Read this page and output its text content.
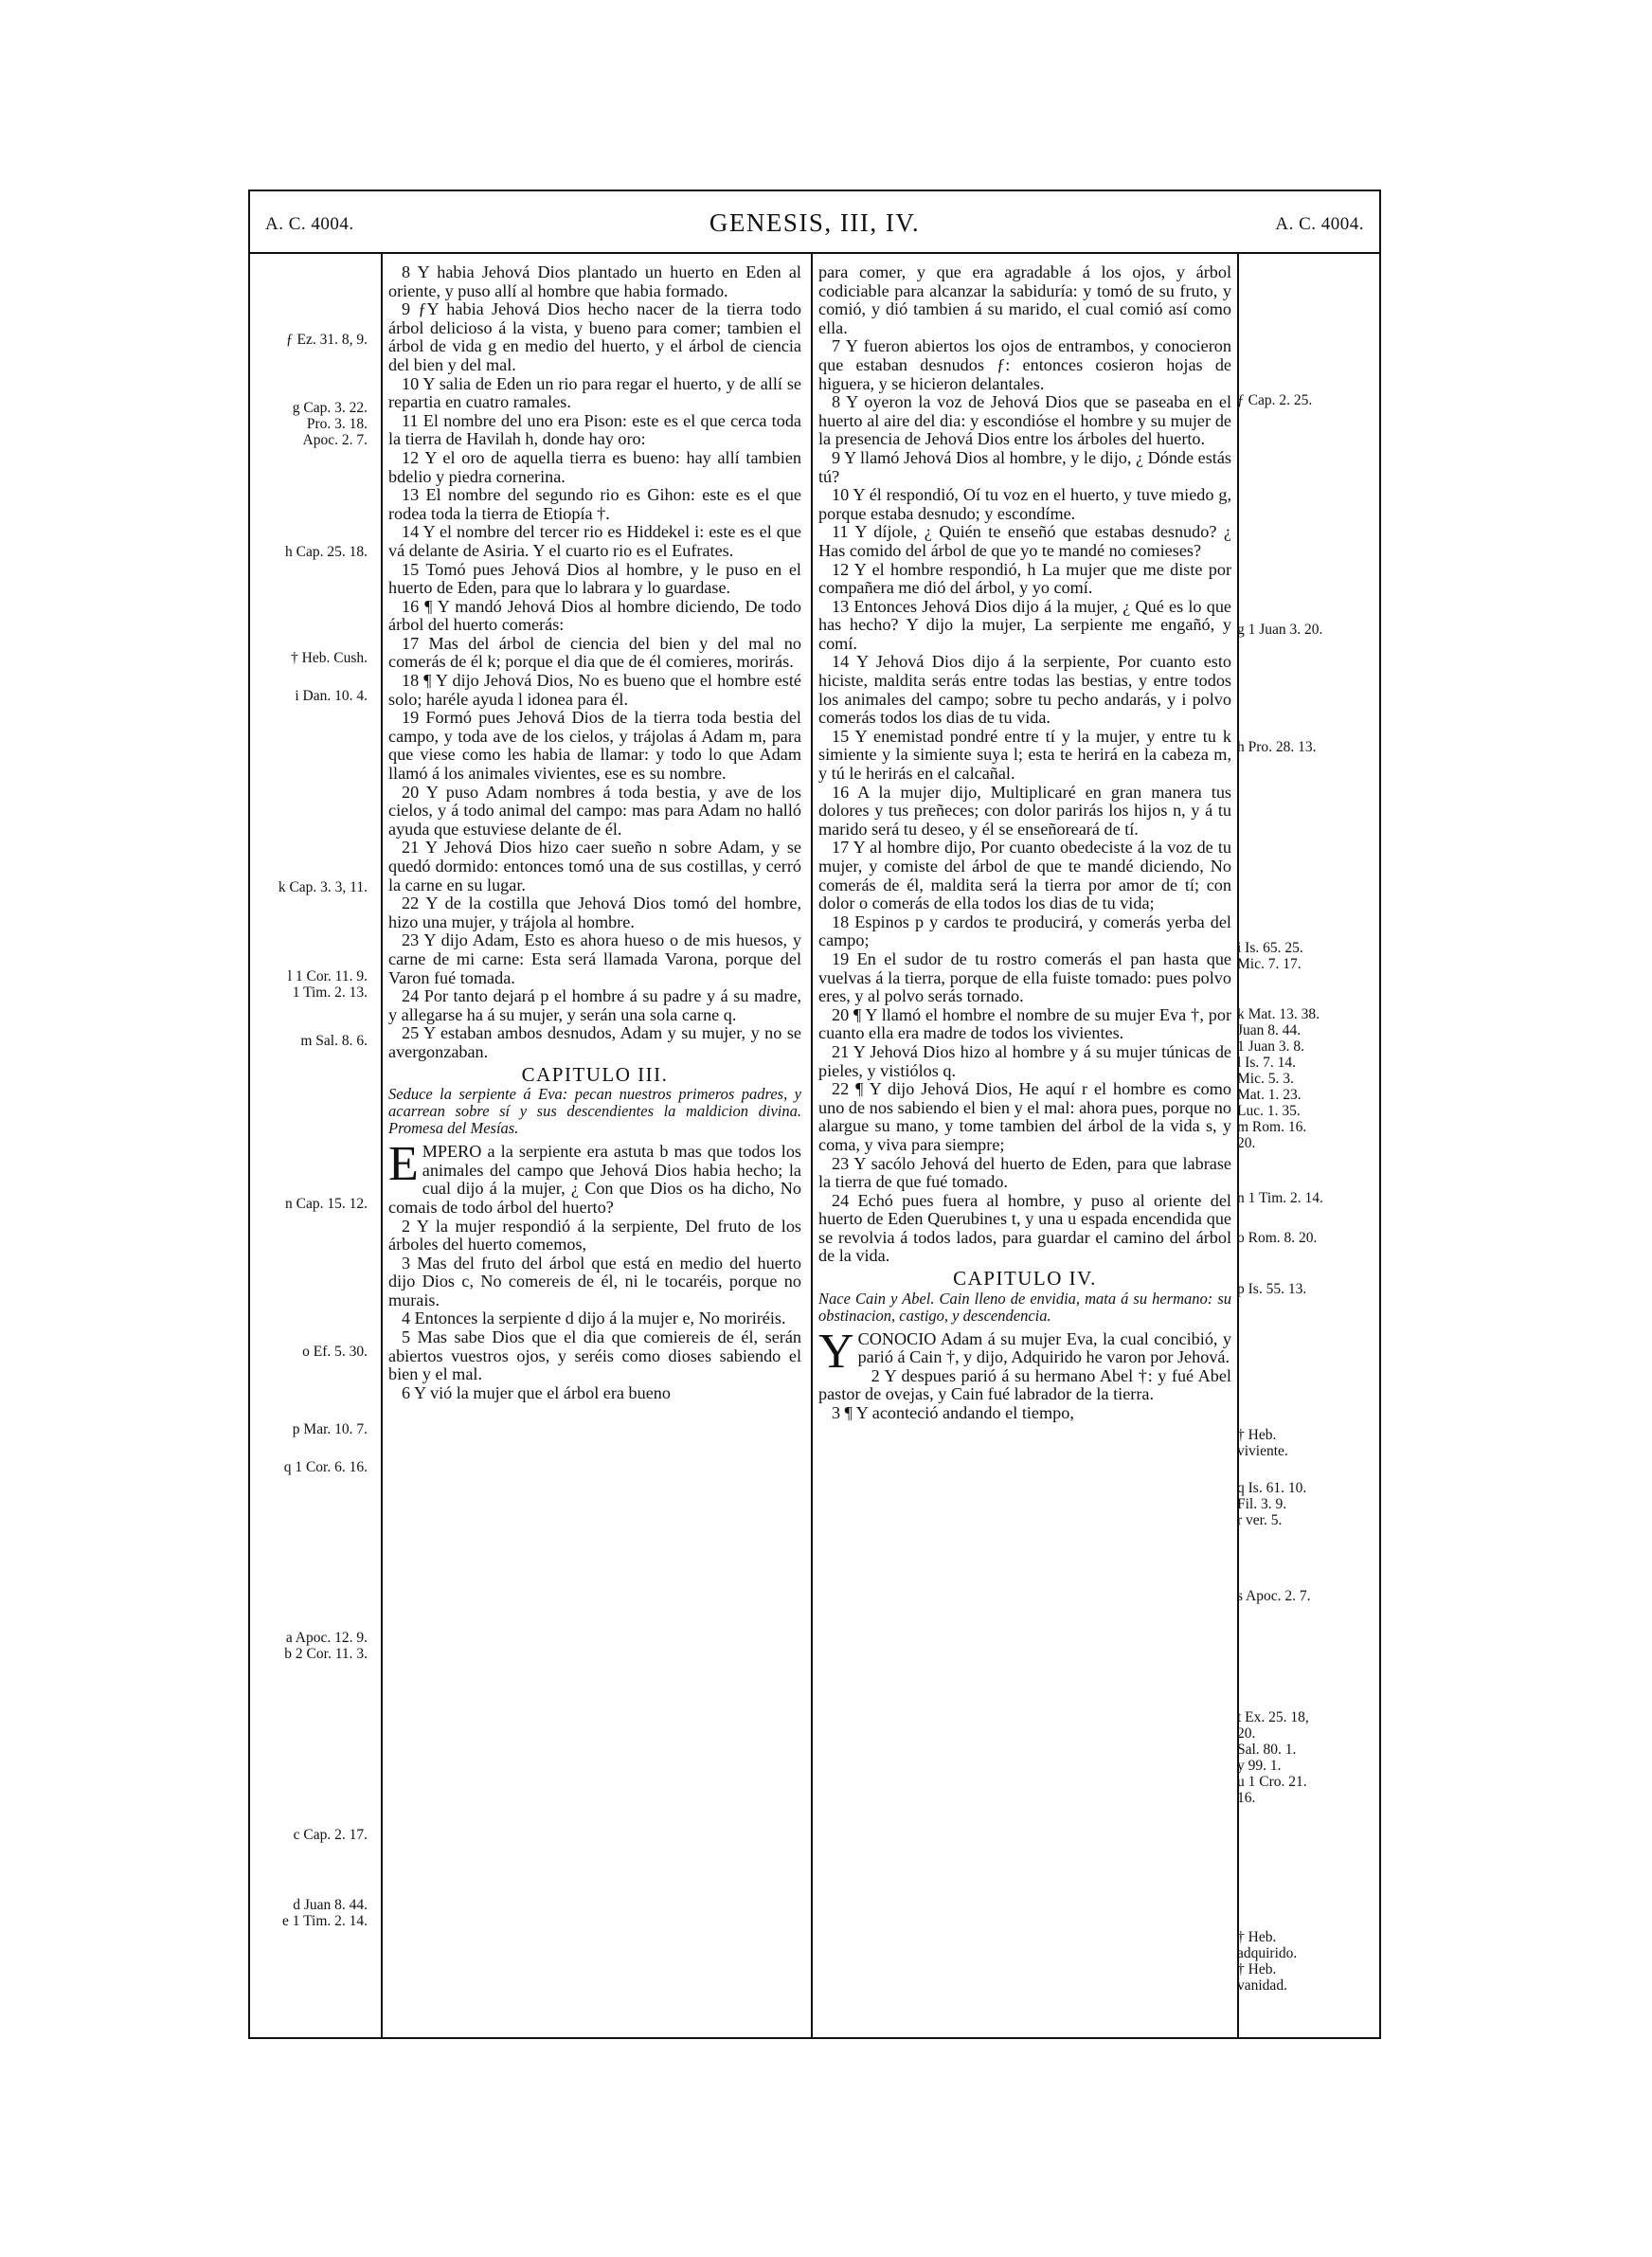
A. C. 4004.	GENESIS, III, IV.	A. C. 4004.
ƒ Ez. 31. 8, 9.
g Cap. 3. 22.
Pro. 3. 18.
Apoc. 2. 7.
h Cap. 25. 18.
† Heb. Cush.
i Dan. 10. 4.
k Cap. 3. 3, 11.
l 1 Cor. 11. 9.
1 Tim. 2. 13.
m Sal. 8. 6.
n Cap. 15. 12.
o Ef. 5. 30.
p Mar. 10. 7.
q 1 Cor. 6. 16.
a Apoc. 12. 9.
b 2 Cor. 11. 3.
c Cap. 2. 17.
d Juan 8. 44.
e 1 Tim. 2. 14.
ƒ Cap. 2. 25.
g 1 Juan 3. 20.
h Pro. 28. 13.
i Is. 65. 25.
Mic. 7. 17.
k Mat. 13. 38.
Juan 8. 44.
1 Juan 3. 8.
l Is. 7. 14.
Mic. 5. 3.
Mat. 1. 23.
Luc. 1. 35.
m Rom. 16.
20.
n 1 Tim. 2. 14.
o Rom. 8. 20.
p Is. 55. 13.
† Heb.
viviente.
q Is. 61. 10.
Fil. 3. 9.
r ver. 5.
s Apoc. 2. 7.
t Ex. 25. 18,
20.
Sal. 80. 1.
y 99. 1.
u 1 Cro. 21.
16.
† Heb.
adquirido.
† Heb.
vanidad.

8 Y habia Jehová Dios plantado un huerto en Eden al oriente, y puso allí al hombre que habia formado.

9 ƒY habia Jehová Dios hecho nacer de la tierra todo árbol delicioso á la vista, y bueno para comer; tambien el árbol de vida g en medio del huerto, y el árbol de ciencia del bien y del mal.

10 Y salia de Eden un rio para regar el huerto, y de allí se repartia en cuatro ramales.

11 El nombre del uno era Pison: este es el que cerca toda la tierra de Havilah h, donde hay oro:

12 Y el oro de aquella tierra es bueno: hay allí tambien bdelio y piedra cornerina.

13 El nombre del segundo rio es Gihon: este es el que rodea toda la tierra de Etiopía †.

14 Y el nombre del tercer rio es Hiddekel i: este es el que vá delante de Asiria. Y el cuarto rio es el Eufrates.

15 Tomó pues Jehová Dios al hombre, y le puso en el huerto de Eden, para que lo labrara y lo guardase.

16 ¶ Y mandó Jehová Dios al hombre diciendo, De todo árbol del huerto comerás:

17 Mas del árbol de ciencia del bien y del mal no comerás de él k; porque el dia que de él comieres, morirás.

18 ¶ Y dijo Jehová Dios, No es bueno que el hombre esté solo; haréle ayuda l idonea para él.

19 Formó pues Jehová Dios de la tierra toda bestia del campo, y toda ave de los cielos, y trájolas á Adam m, para que viese como les habia de llamar: y todo lo que Adam llamó á los animales vivientes, ese es su nombre.

20 Y puso Adam nombres á toda bestia, y ave de los cielos, y á todo animal del campo: mas para Adam no halló ayuda que estuviese delante de él.

21 Y Jehová Dios hizo caer sueño n sobre Adam, y se quedó dormido: entonces tomó una de sus costillas, y cerró la carne en su lugar.

22 Y de la costilla que Jehová Dios tomó del hombre, hizo una mujer, y trájola al hombre.

23 Y dijo Adam, Esto es ahora hueso o de mis huesos, y carne de mi carne: Esta será llamada Varona, porque del Varon fué tomada.

24 Por tanto dejará p el hombre á su padre y á su madre, y allegarse ha á su mujer, y serán una sola carne q.

25 Y estaban ambos desnudos, Adam y su mujer, y no se avergonzaban.

CAPITULO III.

Seduce la serpiente á Eva: pecan nuestros primeros padres, y acarrean sobre sí y sus descendientes la maldicion divina. Promesa del Mesías.

EMPERO a la serpiente era astuta b mas que todos los animales del campo que Jehová Dios habia hecho; la cual dijo á la mujer, ¿ Con que Dios os ha dicho, No comais de todo árbol del huerto?

2 Y la mujer respondió á la serpiente, Del fruto de los árboles del huerto comemos,

3 Mas del fruto del árbol que está en medio del huerto dijo Dios c, No comereis de él, ni le tocaréis, porque no murais.

4 Entonces la serpiente d dijo á la mujer e, No moriréis.

5 Mas sabe Dios que el dia que comiereis de él, serán abiertos vuestros ojos, y seréis como dioses sabiendo el bien y el mal.

6 Y vió la mujer que el árbol era bueno

para comer, y que era agradable á los ojos, y árbol codiciable para alcanzar la sabiduría: y tomó de su fruto, y comió, y dió tambien á su marido, el cual comió así como ella.

7 Y fueron abiertos los ojos de entrambos, y conocieron que estaban desnudos ƒ: entonces cosieron hojas de higuera, y se hicieron delantales.

8 Y oyeron la voz de Jehová Dios que se paseaba en el huerto al aire del dia: y escondióse el hombre y su mujer de la presencia de Jehová Dios entre los árboles del huerto.

9 Y llamó Jehová Dios al hombre, y le dijo, ¿ Dónde estás tú?

10 Y él respondió, Oí tu voz en el huerto, y tuve miedo g, porque estaba desnudo; y escondíme.

11 Y díjole, ¿ Quién te enseñó que estabas desnudo? ¿ Has comido del árbol de que yo te mandé no comieses?

12 Y el hombre respondió, h La mujer que me diste por compañera me dió del árbol, y yo comí.

13 Entonces Jehová Dios dijo á la mujer, ¿ Qué es lo que has hecho? Y dijo la mujer, La serpiente me engañó, y comí.

14 Y Jehová Dios dijo á la serpiente, Por cuanto esto hiciste, maldita serás entre todas las bestias, y entre todos los animales del campo; sobre tu pecho andarás, y i polvo comerás todos los dias de tu vida.

15 Y enemistad pondré entre tí y la mujer, y entre tu k simiente y la simiente suya l; esta te herirá en la cabeza m, y tú le herirás en el calcañal.

16 A la mujer dijo, Multiplicaré en gran manera tus dolores y tus preñeces; con dolor parirás los hijos n, y á tu marido será tu deseo, y él se enseñoreará de tí.

17 Y al hombre dijo, Por cuanto obedeciste á la voz de tu mujer, y comiste del árbol de que te mandé diciendo, No comerás de él, maldita será la tierra por amor de tí; con dolor o comerás de ella todos los dias de tu vida;

18 Espinos p y cardos te producirá, y comerás yerba del campo;

19 En el sudor de tu rostro comerás el pan hasta que vuelvas á la tierra, porque de ella fuiste tomado: pues polvo eres, y al polvo serás tornado.

20 ¶ Y llamó el hombre el nombre de su mujer Eva †, por cuanto ella era madre de todos los vivientes.

21 Y Jehová Dios hizo al hombre y á su mujer túnicas de pieles, y vistiólos q.

22 ¶ Y dijo Jehová Dios, He aquí r el hombre es como uno de nos sabiendo el bien y el mal: ahora pues, porque no alargue su mano, y tome tambien del árbol de la vida s, y coma, y viva para siempre;

23 Y sacólo Jehová del huerto de Eden, para que labrase la tierra de que fué tomado.

24 Echó pues fuera al hombre, y puso al oriente del huerto de Eden Querubines t, y una u espada encendida que se revolvia á todos lados, para guardar el camino del árbol de la vida.

CAPITULO IV.

Nace Cain y Abel. Cain lleno de envidia, mata á su hermano: su obstinacion, castigo, y descendencia.

YCONOCIO Adam á su mujer Eva, la cual concibió, y parió á Cain †, y dijo, Adquirido he varon por Jehová.

2 Y despues parió á su hermano Abel †: y fué Abel pastor de ovejas, y Cain fué labrador de la tierra.

3 ¶ Y aconteció andando el tiempo,
